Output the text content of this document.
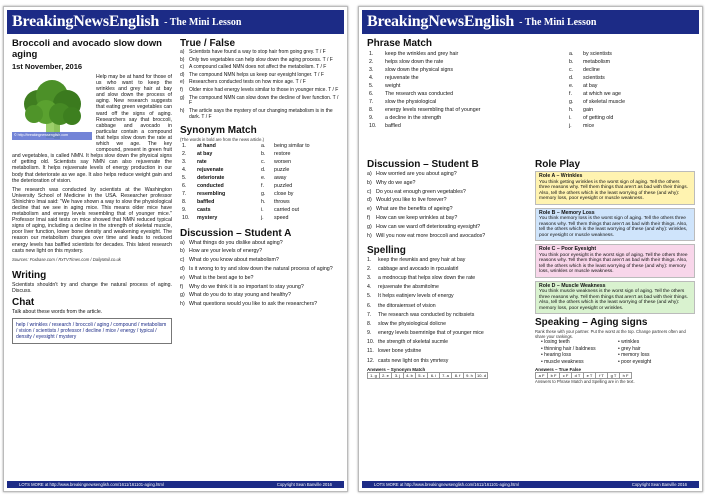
BreakingNewsEnglish - The Mini Lesson
Broccoli and avocado slow down aging
1st November, 2016
© http://breakingnewsenglish.com

Help may be at hand for those of us who want to keep the wrinkles and grey hair at bay and slow down the process of aging. New research suggests that eating green vegetables can ward off the signs of aging. Researchers say that broccoli, cabbage and avocado in particular contain a compound that helps slow down the rate at which we age. The key compound, present in green fruit and vegetables, is called NMN. It helps slow down the physical signs of getting old. Scientists say NMN can also rejuvenate the metabolism. It helps rejuvenate levels of energy production in our body that deteriorate as we age. It also helps reduce weight gain and the deterioration of vision.

The research was conducted by scientists at the Washington University School of Medicine in the USA. Researcher professor Shinichiro Imai said: "We have shown a way to slow the physiological decline that we see in aging mice. This means older mice have metabolism and energy levels resembling that of younger mice." Professor Imai said tests on mice showed that NMN reduced typical signs of aging, including a decline in the strength of skeletal muscle, poor liver function, lower bone density and weakening eyesight. The reason our metabolism changes over time and leads to reduced energy levels has baffled scientists for decades. This latest research casts new light on this mystery.

Sources: Foxbase.com / RxTVTimes.com / DailyMail.co.uk
Writing

Scientists shouldn't try and change the natural process of aging. Discuss.

Chat

Talk about these words from the article.

help / wrinkles / research / broccoli / aging / compound / metabolism / vision / scientists / professor / decline / mice / energy / typical / density / eyesight / mystery
True / False
a) Scientists have found a way to stop hair from going grey. T / F
b) Only two vegetables can help slow down the aging process. T / F
c) A compound called NMN does not affect the metabolism. T / F
d) The compound NMN helps us keep our eyesight longer. T / F
e) Researchers conducted tests on how mice age. T / F
f)	Older mice had energy levels similar to those in younger mice. T / F
g) The compound NMN can slow down the decline of liver function. T / F
h) The article says the mystery of our changing metabolism is in the dark. T / F
Synonym Match
(The words in bold are from the news article.)
1.	at hand	a.	being similar to
2.	at bay	b.	restore
3.	rate	c.	worsen
4.	rejuvenate	d.	puzzle
5.	deteriorate	e.	away
6.	conducted	f.	puzzled
7.	resembling	g.	close by
8.	baffled	h.	throws
9.	casts	i.	carried out
10.	mystery	j.	speed
Discussion – Student A
a) What things do you dislike about aging?
b) How are your levels of energy?
c) What do you know about metabolism?
d) Is it wrong to try and slow down the natural process of aging?
e) What is the best age to be?
f)	Why do we think it is so important to stay young?
g) What do you do to stay young and healthy?
h) What questions would you like to ask the researchers?
LOTS MORE at http://www.breakingnewsenglish.com/1611/161101-aging.html	Copyright Sean Banville 2016
BreakingNewsEnglish - The Mini Lesson
Phrase Match
1.	keep the wrinkles and grey hair	a.	by scientists
2.	helps slow down the rate	b.	metabolism
3.	slow down the physical signs	c.	decline
4.	rejuvenate the	d.	scientists
5.	weight	e.	at bay
6.	The research was conducted	f.	at which we age
7.	slow the physiological	g.	of skeletal muscle
8.	energy levels resembling that of younger	h.	gain
9.	a decline in the strength	i.	of getting old
10.	baffled	j.	mice
Discussion – Student B
a) How worried are you about aging?
b) Why do we age?
c) Do you eat enough green vegetables?
d) Would you like to live forever?
e) What are the benefits of ageing?
f)	How can we keep wrinkles at bay?
g) How can we ward off deteriorating eyesight?
h) Will you now eat more broccoli and avocados?
Spelling
1.	keep the rlewnkis and grey hair at bay
2.	cabbage and avocado in rpcualatirl
3.	a modnocup that helps slow down the rate
4.	rejuvenate the absmitolme
5.	It helps eatinjerv levels of energy
6.	the ditoraiernset of vision
7.	The research was conducted by ncitssiets
8.	slow the physiological dolicne
9.	energy levels bsemrinlge that of younger mice
10. the strength of skeletal sucmle
11. lower bone ydsitne
12. casts new light on this ymrtesy
Answers – Synonym Match
1. g	2. e	3. j	4. b	5. c	6. i	7. a	8. f	9. h	10. d
Role Play
Role A – Wrinkles
You think getting wrinkles is the worst sign of aging. Tell the others three reasons why. Tell them things that aren't as bad with their things. Also, tell the others which is the least worrying of these (and why): memory loss, poor eyesight or muscle weakness.
Role B – Memory Loss
You think memory loss is the worst sign of aging. Tell the others three reasons why. Tell them things that aren't as bad with their things. Also, tell the others which is the least worrying of these (and why): wrinkles, poor eyesight or muscle weakness.
Role C – Poor Eyesight
You think poor eyesight is the worst sign of aging. Tell the others three reasons why. Tell them things that aren't as bad with their things. Also, tell the others which is the least worrying of these (and why): memory loss, wrinkles or muscle weakness.
Role D – Muscle Weakness
You think muscle weakness is the worst sign of aging. Tell the others three reasons why. Tell them things that aren't as bad with their things. Also, tell the others which is the least worrying of these (and why): memory loss, poor eyesight or wrinkles.
Speaking – Aging signs
Rank these with your partner. Put the worst at the top. Change partners often and share your rankings.
• losing teeth	• wrinkles
• thinning hair / baldness	• grey hair
• hearing loss	• memory loss
• muscle weakness	• poor eyesight
Answers – True False
a F	b F	c F	d T	e T	f T	g T	h F
Answers to Phrase Match and Spelling are in the text.
LOTS MORE at http://www.breakingnewsenglish.com/1611/161101-aging.html	Copyright Sean Banville 2016
